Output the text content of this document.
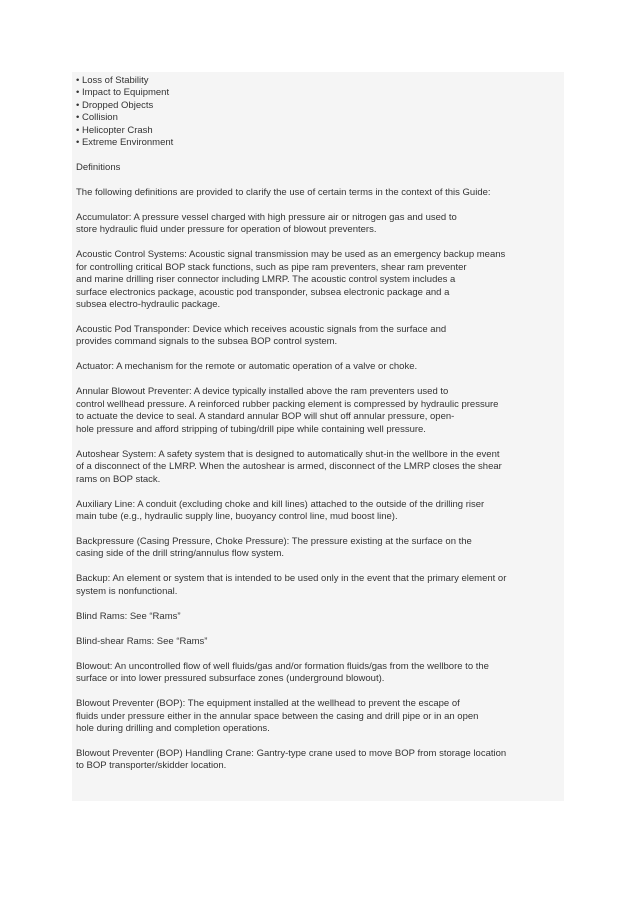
• Loss of Stability
• Impact to Equipment
• Dropped Objects
• Collision
• Helicopter Crash
• Extreme Environment

Definitions

The following definitions are provided to clarify the use of certain terms in the context of this Guide:

Accumulator: A pressure vessel charged with high pressure air or nitrogen gas and used to
store hydraulic fluid under pressure for operation of blowout preventers.

Acoustic Control Systems: Acoustic signal transmission may be used as an emergency backup means
for controlling critical BOP stack functions, such as pipe ram preventers, shear ram preventer
and marine drilling riser connector including LMRP. The acoustic control system includes a
surface electronics package, acoustic pod transponder, subsea electronic package and a
subsea electro-hydraulic package.

Acoustic Pod Transponder: Device which receives acoustic signals from the surface and
provides command signals to the subsea BOP control system.

Actuator: A mechanism for the remote or automatic operation of a valve or choke.

Annular Blowout Preventer: A device typically installed above the ram preventers used to
control wellhead pressure. A reinforced rubber packing element is compressed by hydraulic pressure
to actuate the device to seal. A standard annular BOP will shut off annular pressure, open-
hole pressure and afford stripping of tubing/drill pipe while containing well pressure.

Autoshear System: A safety system that is designed to automatically shut-in the wellbore in the event
of a disconnect of the LMRP. When the autoshear is armed, disconnect of the LMRP closes the shear
rams on BOP stack.

Auxiliary Line: A conduit (excluding choke and kill lines) attached to the outside of the drilling riser
main tube (e.g., hydraulic supply line, buoyancy control line, mud boost line).

Backpressure (Casing Pressure, Choke Pressure): The pressure existing at the surface on the
casing side of the drill string/annulus flow system.

Backup: An element or system that is intended to be used only in the event that the primary element or
system is nonfunctional.

Blind Rams: See “Rams”

Blind-shear Rams: See “Rams”

Blowout: An uncontrolled flow of well fluids/gas and/or formation fluids/gas from the wellbore to the
surface or into lower pressured subsurface zones (underground blowout).

Blowout Preventer (BOP): The equipment installed at the wellhead to prevent the escape of
fluids under pressure either in the annular space between the casing and drill pipe or in an open
hole during drilling and completion operations.

Blowout Preventer (BOP) Handling Crane: Gantry-type crane used to move BOP from storage location
to BOP transporter/skidder location.
